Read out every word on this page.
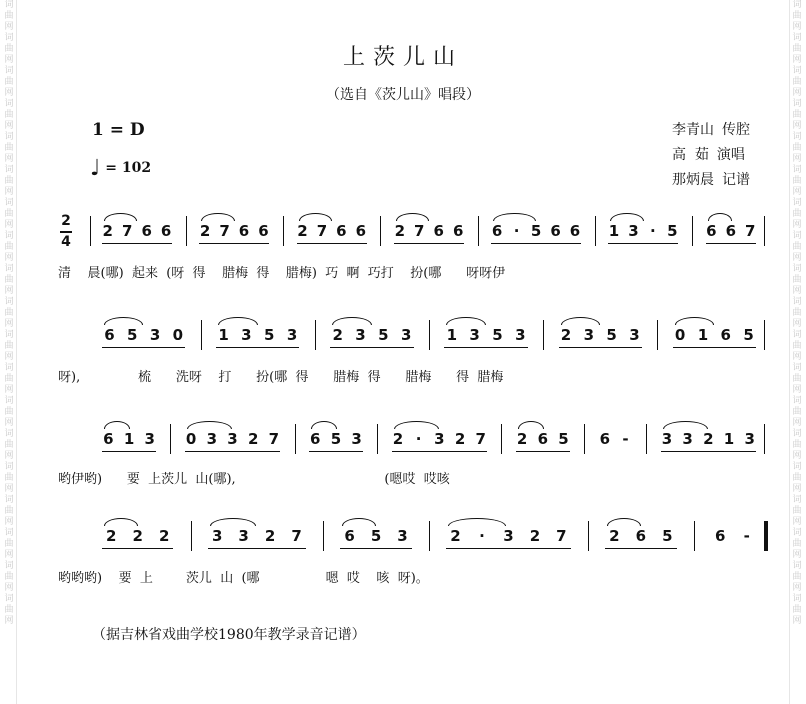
词曲网词曲网词曲网词曲网词曲网词曲网词曲网词曲网词曲网词曲网词曲网词曲网词曲网词曲网词曲网词曲网词曲网词曲网词曲网
词曲网词曲网词曲网词曲网词曲网词曲网词曲网词曲网词曲网词曲网词曲网词曲网词曲网词曲网词曲网词曲网词曲网词曲网词曲网
上茨儿山
（选自《茨儿山》唱段）
1 = D
♩ = 102
李青山 传腔
高  茹 演唱
那炳晨 记谱
2
4
2 7 6 6 2 7 6 6 2 7 6 6 2 7 6 6 6 · 5 6 6 1 3 · 5 6 6 7
清    晨(哪)  起来  (呀  得    腊梅  得    腊梅)  巧  啊  巧打    扮(哪      呀呀伊
6 5 3 0 1 3 5 3 2 3 5 3 1 3 5 3 2 3 5 3 0 1 6 5
呀),              梳      洗呀    打      扮(哪  得      腊梅  得      腊梅      得  腊梅
6 1 3 0 3 3 2 7 6 5 3 2 · 3 2 7 2 6 5 6 - 3 3 2 1 3
哟伊哟)      要  上茨儿  山(哪),                                    (嗯哎  哎咳
2 2 2	3 3 2 7	6 5 3	2 · 3 2 7	2 6 5	6 -
哟哟哟)    要  上        茨儿  山  (哪                嗯  哎    咳  呀)。
（据吉林省戏曲学校1980年教学录音记谱）
